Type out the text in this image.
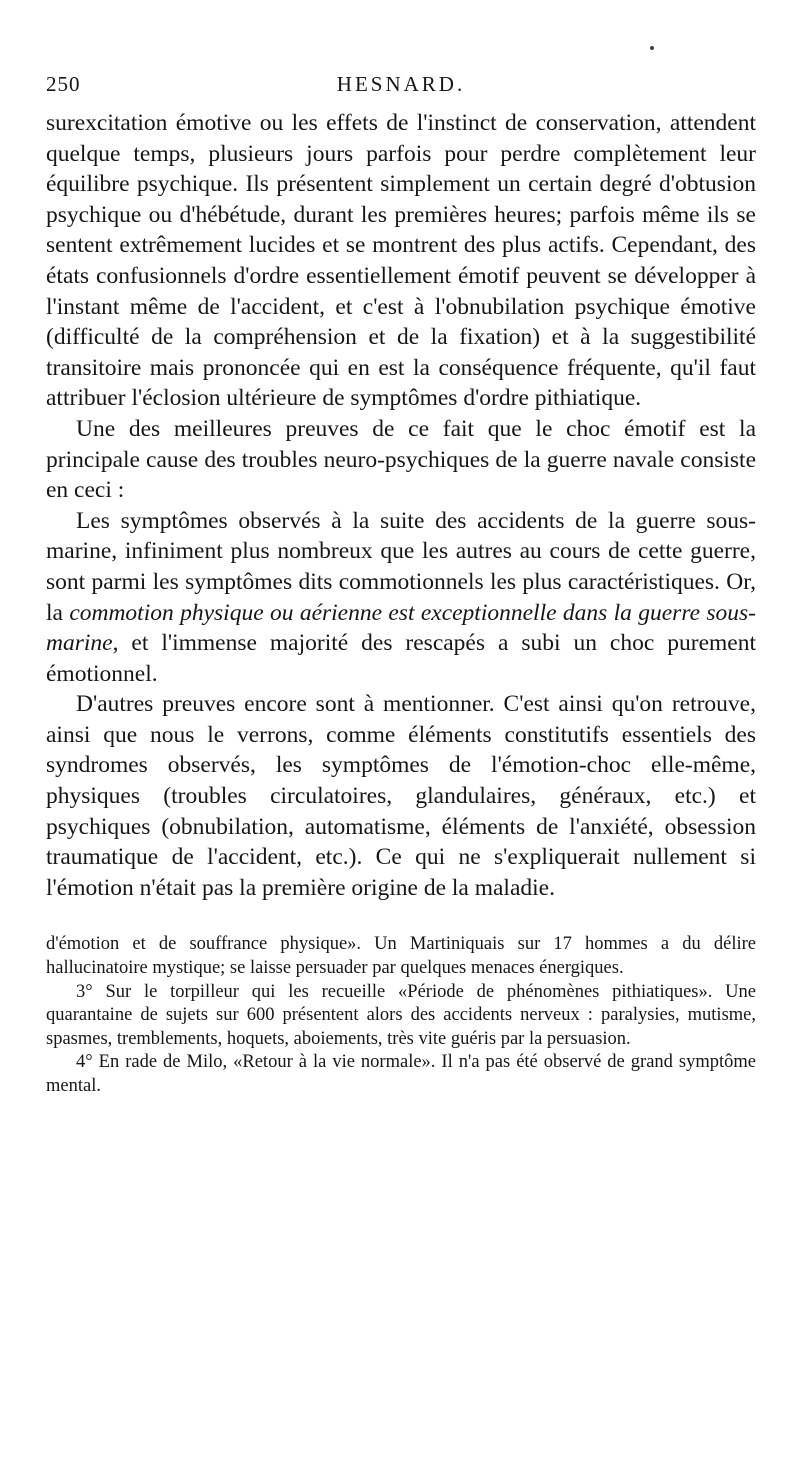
250	HESNARD.

surexcitation émotive ou les effets de l'instinct de conservation, attendent quelque temps, plusieurs jours parfois pour perdre complètement leur équilibre psychique. Ils présentent simplement un certain degré d'obtusion psychique ou d'hébétude, durant les premières heures; parfois même ils se sentent extrêmement lucides et se montrent des plus actifs. Cependant, des états confusionnels d'ordre essentiellement émotif peuvent se développer à l'instant même de l'accident, et c'est à l'obnubilation psychique émotive (difficulté de la compréhension et de la fixation) et à la suggestibilité transitoire mais prononcée qui en est la conséquence fréquente, qu'il faut attribuer l'éclosion ultérieure de symptômes d'ordre pithiatique.

Une des meilleures preuves de ce fait que le choc émotif est la principale cause des troubles neuro-psychiques de la guerre navale consiste en ceci :

Les symptômes observés à la suite des accidents de la guerre sous-marine, infiniment plus nombreux que les autres au cours de cette guerre, sont parmi les symptômes dits commotionnels les plus caractéristiques. Or, la commotion physique ou aérienne est exceptionnelle dans la guerre sous-marine, et l'immense majorité des rescapés a subi un choc purement émotionnel.

D'autres preuves encore sont à mentionner. C'est ainsi qu'on retrouve, ainsi que nous le verrons, comme éléments constitutifs essentiels des syndromes observés, les symptômes de l'émotion-choc elle-même, physiques (troubles circulatoires, glandulaires, généraux, etc.) et psychiques (obnubilation, automatisme, éléments de l'anxiété, obsession traumatique de l'accident, etc.). Ce qui ne s'expliquerait nullement si l'émotion n'était pas la première origine de la maladie.

d'émotion et de souffrance physique». Un Martiniquais sur 17 hommes a du délire hallucinatoire mystique; se laisse persuader par quelques menaces énergiques.

3° Sur le torpilleur qui les recueille «Période de phénomènes pithiatiques». Une quarantaine de sujets sur 600 présentent alors des accidents nerveux : paralysies, mutisme, spasmes, tremblements, hoquets, aboiements, très vite guéris par la persuasion.

4° En rade de Milo, «Retour à la vie normale». Il n'a pas été observé de grand symptôme mental.
